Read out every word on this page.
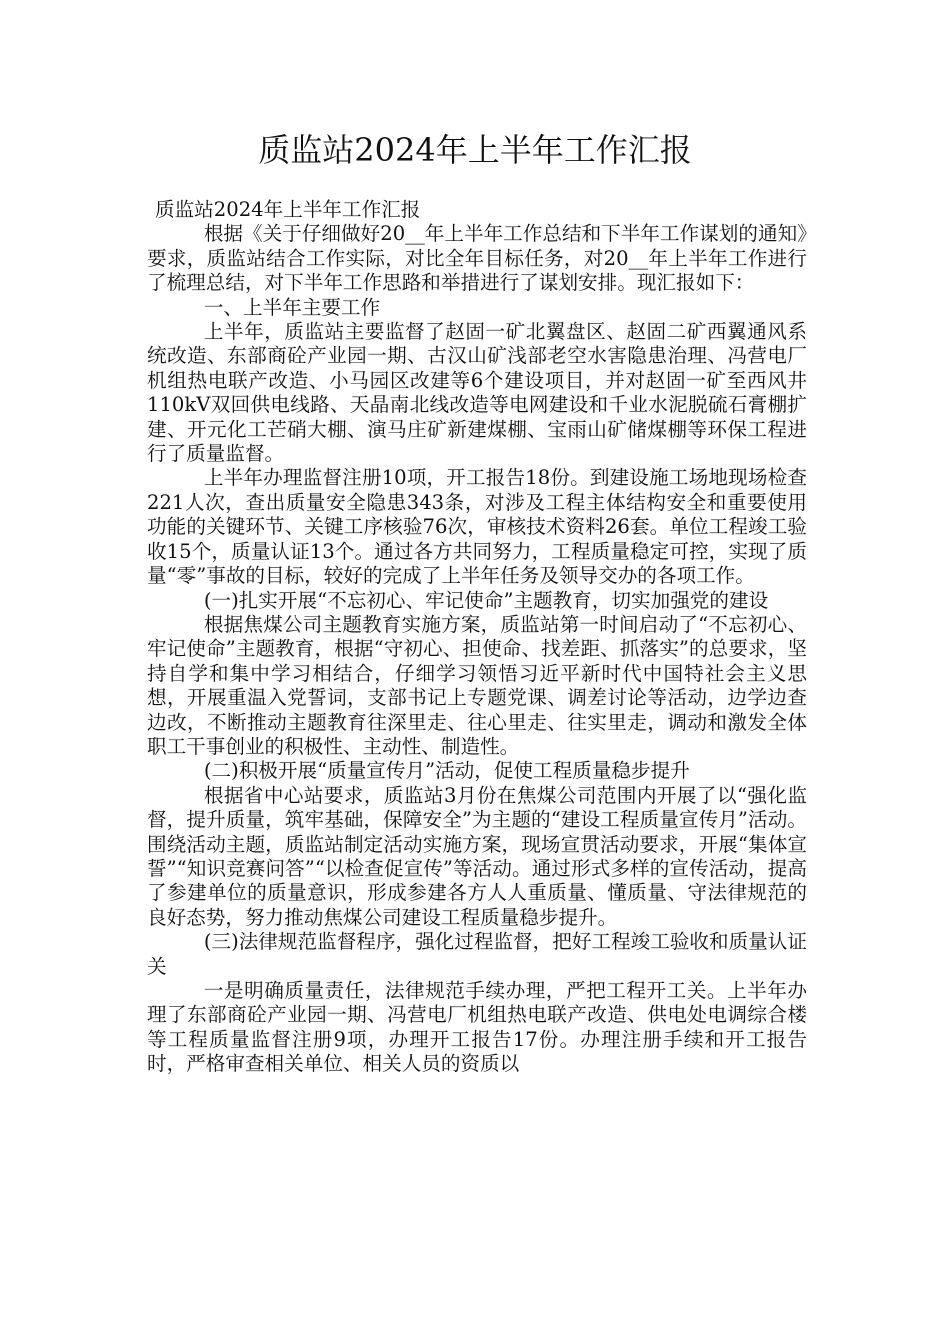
质监站2024年上半年工作汇报

质监站2024年上半年工作汇报

根据《关于仔细做好20__年上半年工作总结和下半年工作谋划的通知》要求，质监站结合工作实际，对比全年目标任务，对20__年上半年工作进行了梳理总结，对下半年工作思路和举措进行了谋划安排。现汇报如下：

一、上半年主要工作

上半年，质监站主要监督了赵固一矿北翼盘区、赵固二矿西翼通风系统改造、东部商砼产业园一期、古汉山矿浅部老空水害隐患治理、冯营电厂机组热电联产改造、小马园区改建等6个建设项目，并对赵固一矿至西风井110kV双回供电线路、天晶南北线改造等电网建设和千业水泥脱硫石膏棚扩建、开元化工芒硝大棚、演马庄矿新建煤棚、宝雨山矿储煤棚等环保工程进行了质量监督。

上半年办理监督注册10项，开工报告18份。到建设施工场地现场检查221人次，查出质量安全隐患343条，对涉及工程主体结构安全和重要使用功能的关键环节、关键工序核验76次，审核技术资料26套。单位工程竣工验收15个，质量认证13个。通过各方共同努力，工程质量稳定可控，实现了质量“零”事故的目标，较好的完成了上半年任务及领导交办的各项工作。

(一)扎实开展“不忘初心、牢记使命”主题教育，切实加强党的建设

根据焦煤公司主题教育实施方案，质监站第一时间启动了“不忘初心、牢记使命”主题教育，根据“守初心、担使命、找差距、抓落实”的总要求，坚持自学和集中学习相结合，仔细学习领悟习近平新时代中国特社会主义思想，开展重温入党誓词，支部书记上专题党课、调差讨论等活动，边学边查边改，不断推动主题教育往深里走、往心里走、往实里走，调动和激发全体职工干事创业的积极性、主动性、制造性。

(二)积极开展“质量宣传月”活动，促使工程质量稳步提升

根据省中心站要求，质监站3月份在焦煤公司范围内开展了以“强化监督，提升质量，筑牢基础，保障安全”为主题的“建设工程质量宣传月”活动。围绕活动主题，质监站制定活动实施方案，现场宣贯活动要求，开展“集体宣誓”“知识竞赛问答”“以检查促宣传”等活动。通过形式多样的宣传活动，提高了参建单位的质量意识，形成参建各方人人重质量、懂质量、守法律规范的良好态势，努力推动焦煤公司建设工程质量稳步提升。

(三)法律规范监督程序，强化过程监督，把好工程竣工验收和质量认证关

一是明确质量责任，法律规范手续办理，严把工程开工关。上半年办理了东部商砼产业园一期、冯营电厂机组热电联产改造、供电处电调综合楼等工程质量监督注册9项，办理开工报告17份。办理注册手续和开工报告时，严格审查相关单位、相关人员的资质以
